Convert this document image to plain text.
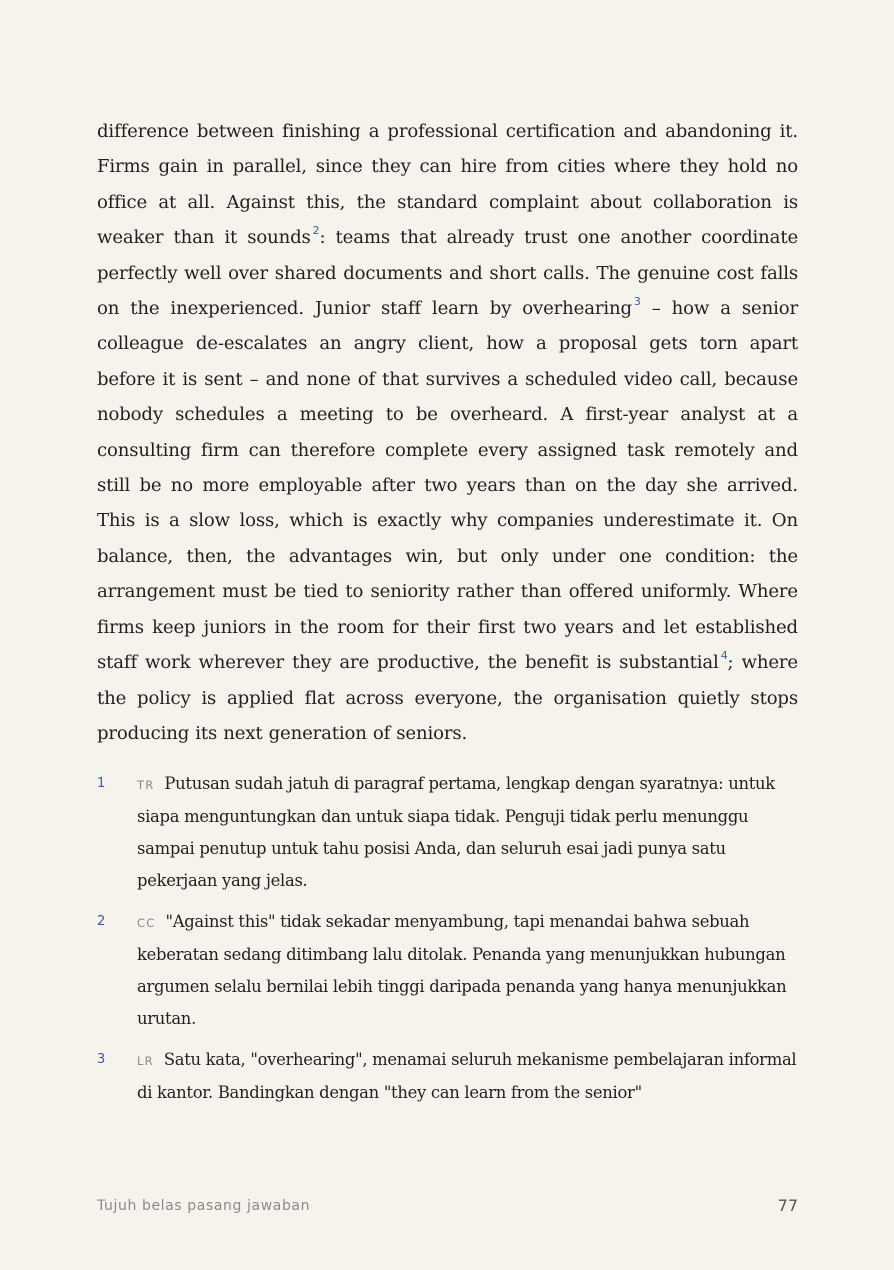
difference between finishing a professional certification and abandoning it. Firms gain in parallel, since they can hire from cities where they hold no office at all. Against this, the standard complaint about collaboration is weaker than it sounds $^2$: teams that already trust one another coordinate perfectly well over shared documents and short calls. The genuine cost falls on the inexperienced. Junior staff learn by overhearing $^3$ – how a senior colleague de-escalates an angry client, how a proposal gets torn apart before it is sent – and none of that survives a scheduled video call, because nobody schedules a meeting to be overheard. A first-year analyst at a consulting firm can therefore complete every assigned task remotely and still be no more employable after two years than on the day she arrived. This is a slow loss, which is exactly why companies underestimate it. On balance, then, the advantages win, but only under one condition: the arrangement must be tied to seniority rather than offered uniformly. Where firms keep juniors in the room for their first two years and let established staff work wherever they are productive, the benefit is substantial $^4$; where the policy is applied flat across everyone, the organisation quietly stops producing its next generation of seniors.

1	TR Putusan sudah jatuh di paragraf pertama, lengkap dengan syaratnya: untuk siapa menguntungkan dan untuk siapa tidak. Penguji tidak perlu menunggu sampai penutup untuk tahu posisi Anda, dan seluruh esai jadi punya satu pekerjaan yang jelas.
2	CC "Against this" tidak sekadar menyambung, tapi menandai bahwa sebuah keberatan sedang ditimbang lalu ditolak. Penanda yang menunjukkan hubungan argumen selalu bernilai lebih tinggi daripada penanda yang hanya menunjukkan urutan.
3	LR Satu kata, "overhearing", menamai seluruh mekanisme pembelajaran informal di kantor. Bandingkan dengan "they can learn from the senior"
Tujuh belas pasang jawaban	77
